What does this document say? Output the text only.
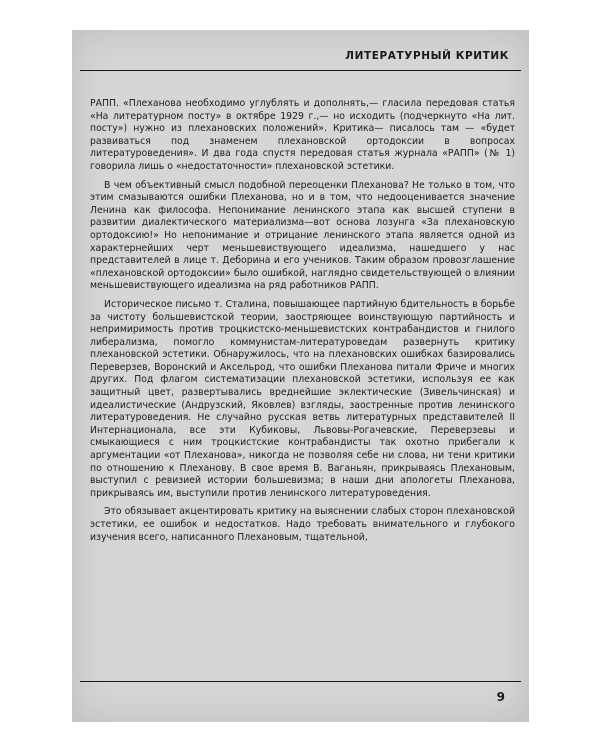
ЛИТЕРАТУРНЫЙ КРИТИК

РАПП. «Плеханова необходимо углублять и дополнять,— гласила передовая статья «На литературном посту» в октябре 1929 г.,— но исходить (подчеркнуто «На лит. посту») нужно из плехановских положений». Критика— писалось там — «будет развиваться под знаменем плехановской ортодоксии в вопросах литературоведения». И два года спустя передовая статья журнала «РАПП» (№ 1) говорила лишь о «недостаточности» плехановской эстетики.

В чем объективный смысл подобной переоценки Плеханова? Не только в том, что этим смазываются ошибки Плеханова, но и в том, что недооценивается значение Ленина как философа. Непонимание ленинского этапа как высшей ступени в развитии диалектического материализма—вот основа лозунга «За плехановскую ортодоксию!» Но непонимание и отрицание ленинского этапа является одной из характернейших черт меньшевиствующего идеализма, нашедшего у нас представителей в лице т. Деборина и его учеников. Таким образом провозглашение «плехановской ортодоксии» было ошибкой, наглядно свидетельствующей о влиянии меньшевиствующего идеализма на ряд работников РАПП.

Историческое письмо т. Сталина, повышающее партийную бдительность в борьбе за чистоту большевистской теории, заостряющее воинствующую партийность и непримиримость против троцкистско-меньшевистских контрабандистов и гнилого либерализма, помогло коммунистам-литературоведам развернуть критику плехановской эстетики. Обнаружилось, что на плехановских ошибках базировались Переверзев, Воронский и Аксельрод, что ошибки Плеханова питали Фриче и многих других. Под флагом систематизации плехановской эстетики, используя ее как защитный цвет, развертывались вреднейшие эклектические (Зивельчинская) и идеалистические (Андрузский, Яковлев) взгляды, заостренные против ленинского литературоведения. Не случайно русская ветвь литературных представителей II Интернационала, все эти Кубиковы, Львовы-Рогачевские, Переверзевы и смыкающиеся с ним троцкистские контрабандисты так охотно прибегали к аргументации «от Плеханова», никогда не позволяя себе ни слова, ни тени критики по отношению к Плеханову. В свое время В. Ваганьян, прикрываясь Плехановым, выступил с ревизией истории большевизма; в наши дни апологеты Плеханова, прикрываясь им, выступили против ленинского литературоведения.

Это обязывает акцентировать критику на выяснении слабых сторон плехановской эстетики, ее ошибок и недостатков. Надо требовать внимательного и глубокого изучения всего, написанного Плехановым, тщательной,

9
